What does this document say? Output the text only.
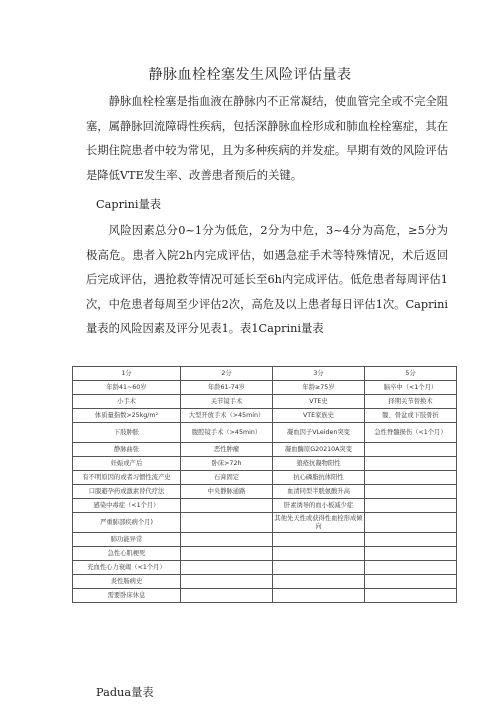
静脉血栓栓塞发生风险评估量表
静脉血栓栓塞是指血液在静脉内不正常凝结，使血管完全或不完全阻塞，属静脉回流障碍性疾病，包括深静脉血栓形成和肺血栓栓塞症，其在长期住院患者中较为常见，且为多种疾病的并发症。早期有效的风险评估是降低VTE发生率、改善患者预后的关键。
Caprini量表
风险因素总分0~1分为低危，2分为中危，3~4分为高危，≥5分为极高危。患者入院2h内完成评估，如遇急症手术等特殊情况，术后返回后完成评估，遇抢救等情况可延长至6h内完成评估。低危患者每周评估1次，中危患者每周至少评估2次，高危及以上患者每日评估1次。Caprini量表的风险因素及评分见表1。表1Caprini量表
1分	2分	3分	5分
年龄41~60岁	年龄61-74岁	年龄≥75岁	脑卒中（<1个月）
小手术	关节镜手术	VTE史	择期关节替换术
体质量指数>25kg/m²	大型开放手术（>45min）	VTE家族史	髋、骨盆或下肢骨折
下肢肿胀	腹腔镜手术（>45min）	凝血因子VLeiden突变	急性脊髓损伤（<1个月）
静脉曲张	恶性肿瘤	凝血酶原G20210A突变	
妊娠或产后	卧床>72h	狼疮抗凝物阳性	
有不明原因的或者习惯性流产史	石膏固定	抗心磷脂抗体阳性	
口服避孕药或激素替代疗法	中央静脉通路	血清同型半胱氨酸升高	
感染中毒症（<1个月）		肝素诱导的血小板减少症	
严重肺部疾病个月)		其他先天性或获得性血栓形成倾向	
肺功能异常			
急性心肌梗死			
充血性心力衰竭（<1个月）			
炎性肠病史			
需要卧床休息			
Padua量表
